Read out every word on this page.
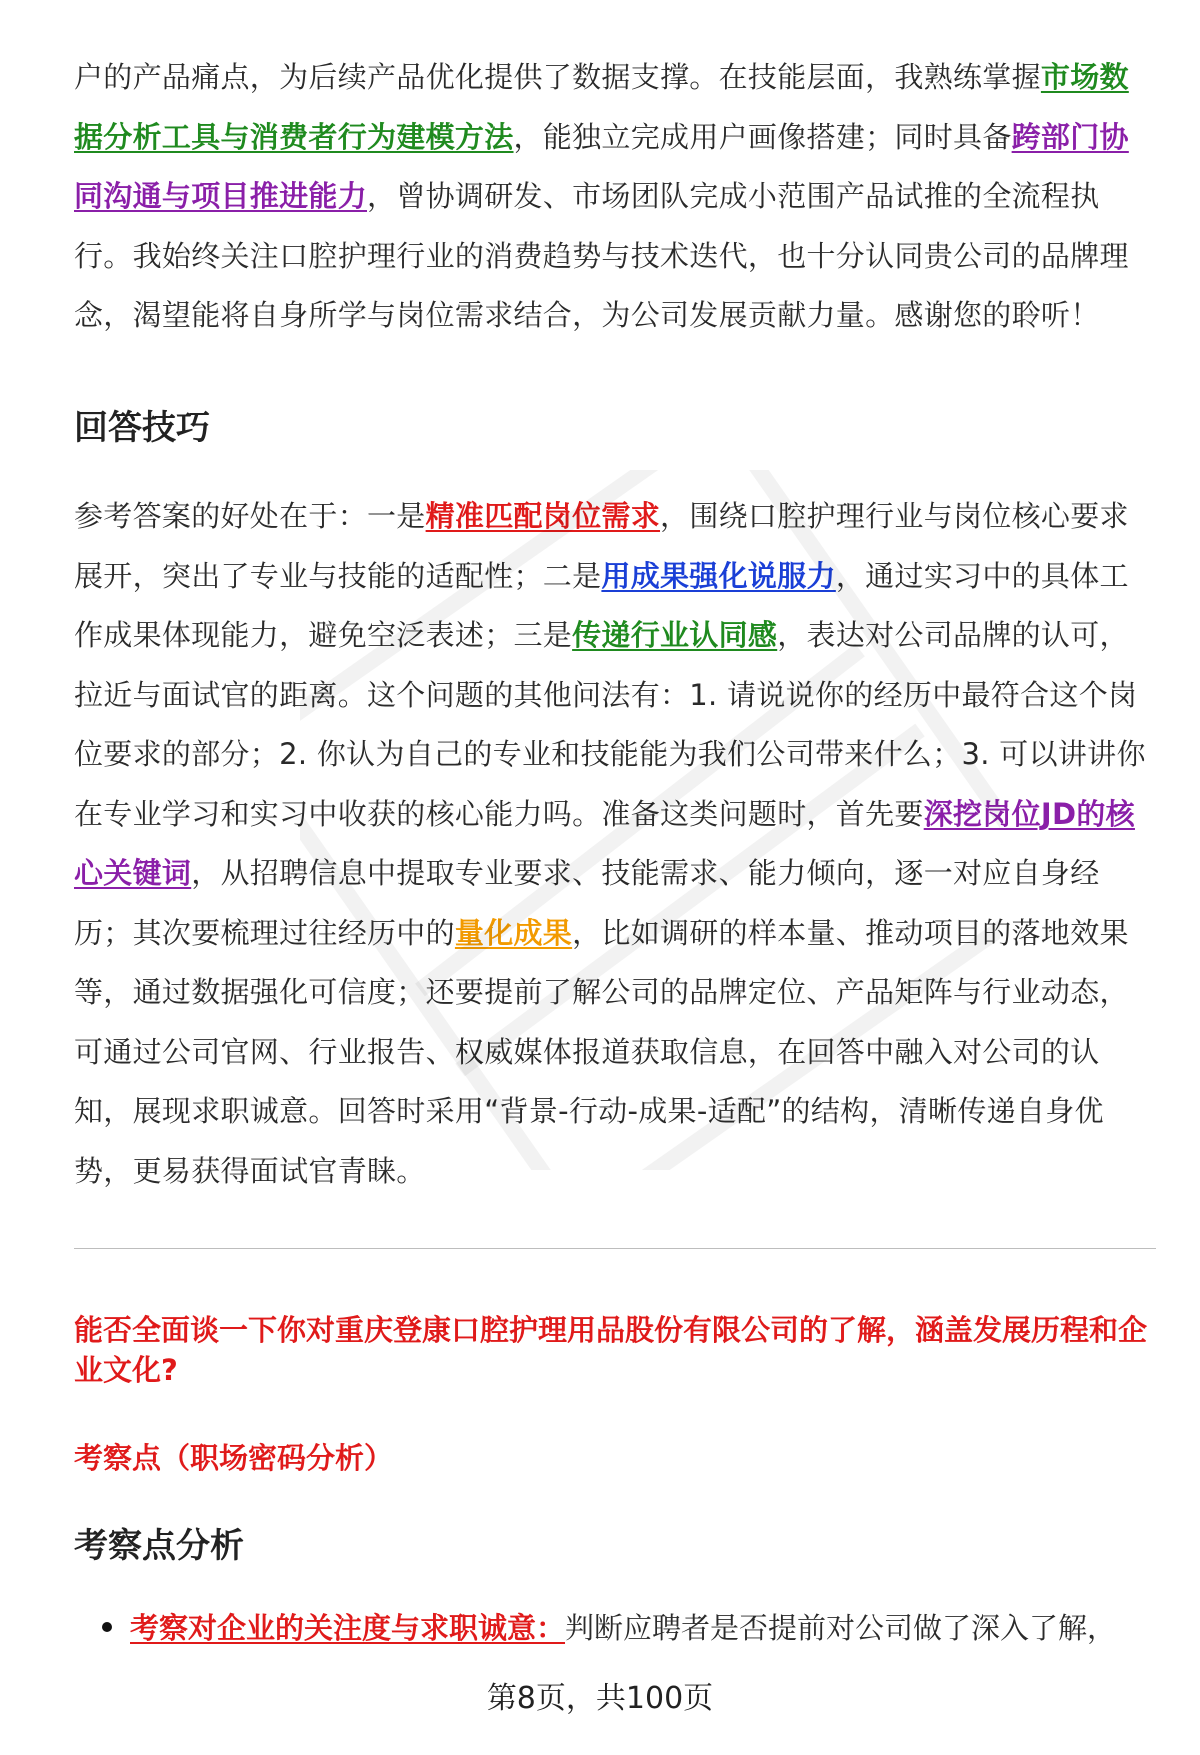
户的产品痛点，为后续产品优化提供了数据支撑。在技能层面，我熟练掌握市场数据分析工具与消费者行为建模方法，能独立完成用户画像搭建；同时具备跨部门协同沟通与项目推进能力，曾协调研发、市场团队完成小范围产品试推的全流程执行。我始终关注口腔护理行业的消费趋势与技术迭代，也十分认同贵公司的品牌理念，渴望能将自身所学与岗位需求结合，为公司发展贡献力量。感谢您的聆听！

回答技巧

参考答案的好处在于：一是精准匹配岗位需求，围绕口腔护理行业与岗位核心要求展开，突出了专业与技能的适配性；二是用成果强化说服力，通过实习中的具体工作成果体现能力，避免空泛表述；三是传递行业认同感，表达对公司品牌的认可，拉近与面试官的距离。这个问题的其他问法有：1. 请说说你的经历中最符合这个岗位要求的部分；2. 你认为自己的专业和技能能为我们公司带来什么；3. 可以讲讲你在专业学习和实习中收获的核心能力吗。准备这类问题时，首先要深挖岗位JD的核心关键词，从招聘信息中提取专业要求、技能需求、能力倾向，逐一对应自身经历；其次要梳理过往经历中的量化成果，比如调研的样本量、推动项目的落地效果等，通过数据强化可信度；还要提前了解公司的品牌定位、产品矩阵与行业动态，可通过公司官网、行业报告、权威媒体报道获取信息，在回答中融入对公司的认知，展现求职诚意。回答时采用“背景-行动-成果-适配”的结构，清晰传递自身优势，更易获得面试官青睐。

能否全面谈一下你对重庆登康口腔护理用品股份有限公司的了解，涵盖发展历程和企业文化?

考察点（职场密码分析）

考察点分析

考察对企业的关注度与求职诚意：判断应聘者是否提前对公司做了深入了解，

第8页，共100页
